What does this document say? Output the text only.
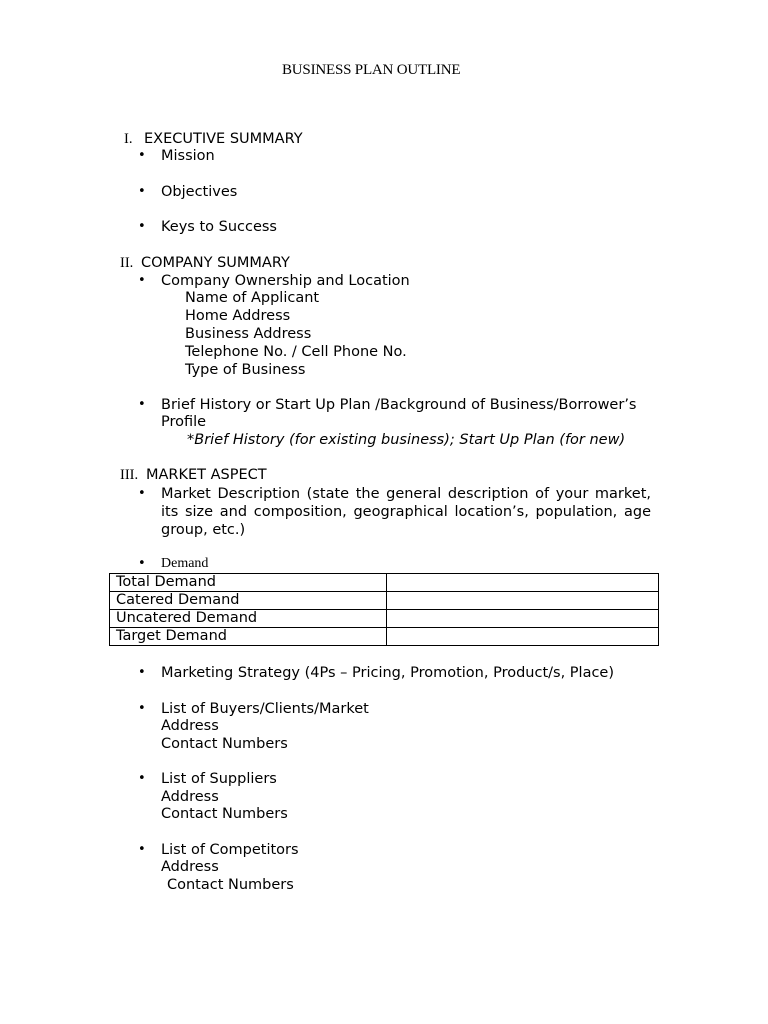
BUSINESS PLAN OUTLINE
I. EXECUTIVE SUMMARY
• Mission
• Objectives
• Keys to Success
II. COMPANY SUMMARY
• Company Ownership and Location
Name of Applicant
Home Address
Business Address
Telephone No. / Cell Phone No.
Type of Business
• Brief History or Start Up Plan /Background of Business/Borrower’s
Profile
*Brief History (for existing business); Start Up Plan (for new)
III. MARKET ASPECT
• Market Description (state the general description of your market, its size and composition, geographical location’s, population, age group, etc.)
• Demand
Total Demand	
Catered Demand	
Uncatered Demand	
Target Demand	
• Marketing Strategy (4Ps – Pricing, Promotion, Product/s, Place)
• List of Buyers/Clients/Market
Address
Contact Numbers
• List of Suppliers
Address
Contact Numbers
• List of Competitors
Address
Contact Numbers
